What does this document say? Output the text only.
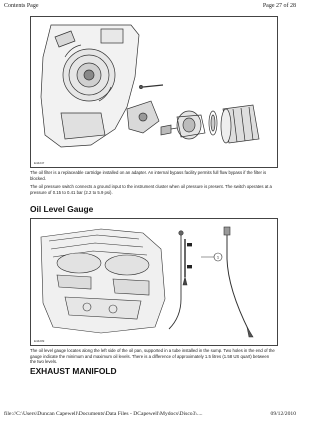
Contents Page	Page 27 of 28
E44247

The oil filter is a replaceable cartridge installed on an adapter. An internal bypass facility permits full flow bypass if the filter is blocked.

The oil pressure switch connects a ground input to the instrument cluster when oil pressure is present. The switch operates at a pressure of 0.15 to 0.41 bar (2.2 to 5.9 psi).

Oil Level Gauge
1
E44209

The oil level gauge locates along the left side of the oil pan, supported in a tube installed in the sump. Two holes in the end of the gauge indicate the minimum and maximum oil levels. There is a difference of approximately 1.5 litres (1.58 US quart) between the two levels.

EXHAUST MANIFOLD
file://C:\Users\Duncan Capewell\Documents\Data Files - DCapewell\Mydocs\Disco3\....	09/12/2010
